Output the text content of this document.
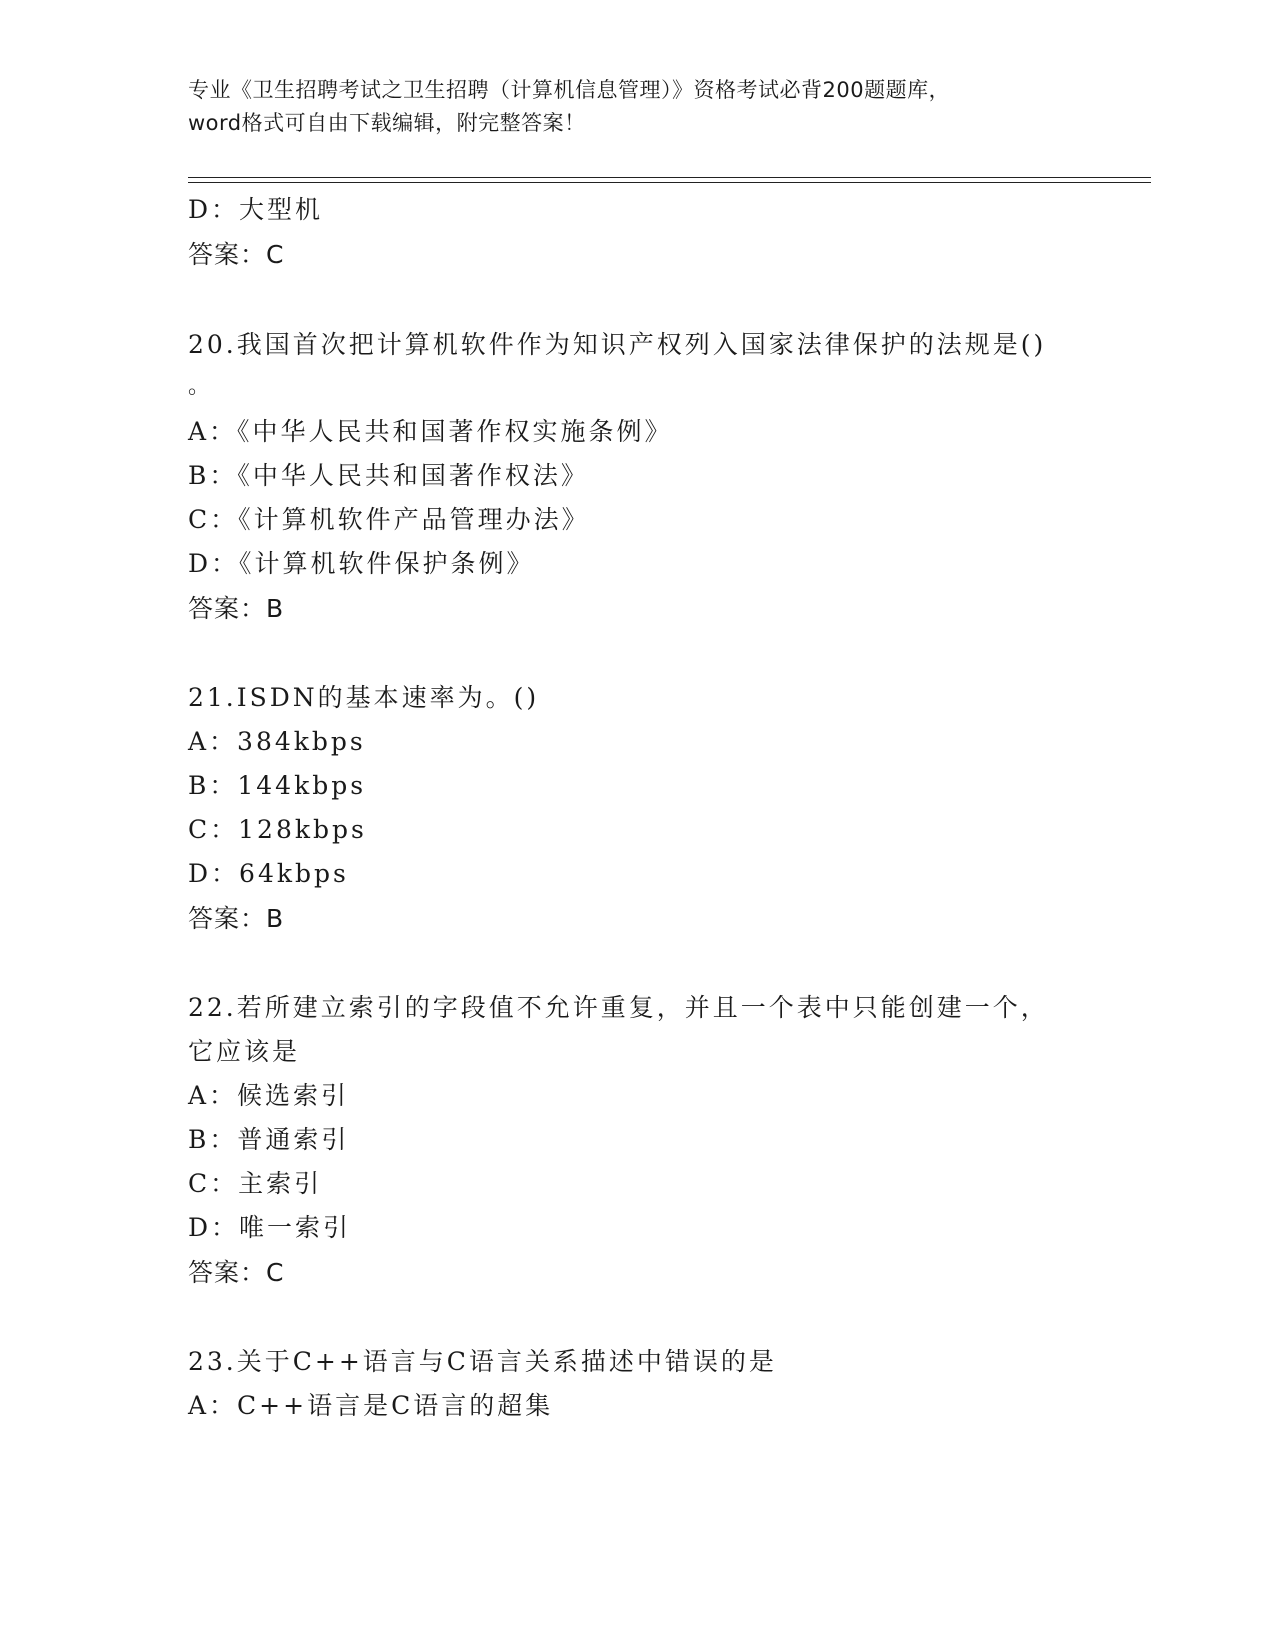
专业《卫生招聘考试之卫生招聘（计算机信息管理）》资格考试必背200题题库，
word格式可自由下载编辑，附完整答案！
D：大型机
答案：C
20.我国首次把计算机软件作为知识产权列入国家法律保护的法规是()
。
A：《中华人民共和国著作权实施条例》
B：《中华人民共和国著作权法》
C：《计算机软件产品管理办法》
D：《计算机软件保护条例》
答案：B
21.ISDN的基本速率为。()
A：384kbps
B：144kbps
C：128kbps
D：64kbps
答案：B
22.若所建立索引的字段值不允许重复，并且一个表中只能创建一个，
它应该是
A：候选索引
B：普通索引
C：主索引
D：唯一索引
答案：C
23.关于C++语言与C语言关系描述中错误的是
A：C++语言是C语言的超集
